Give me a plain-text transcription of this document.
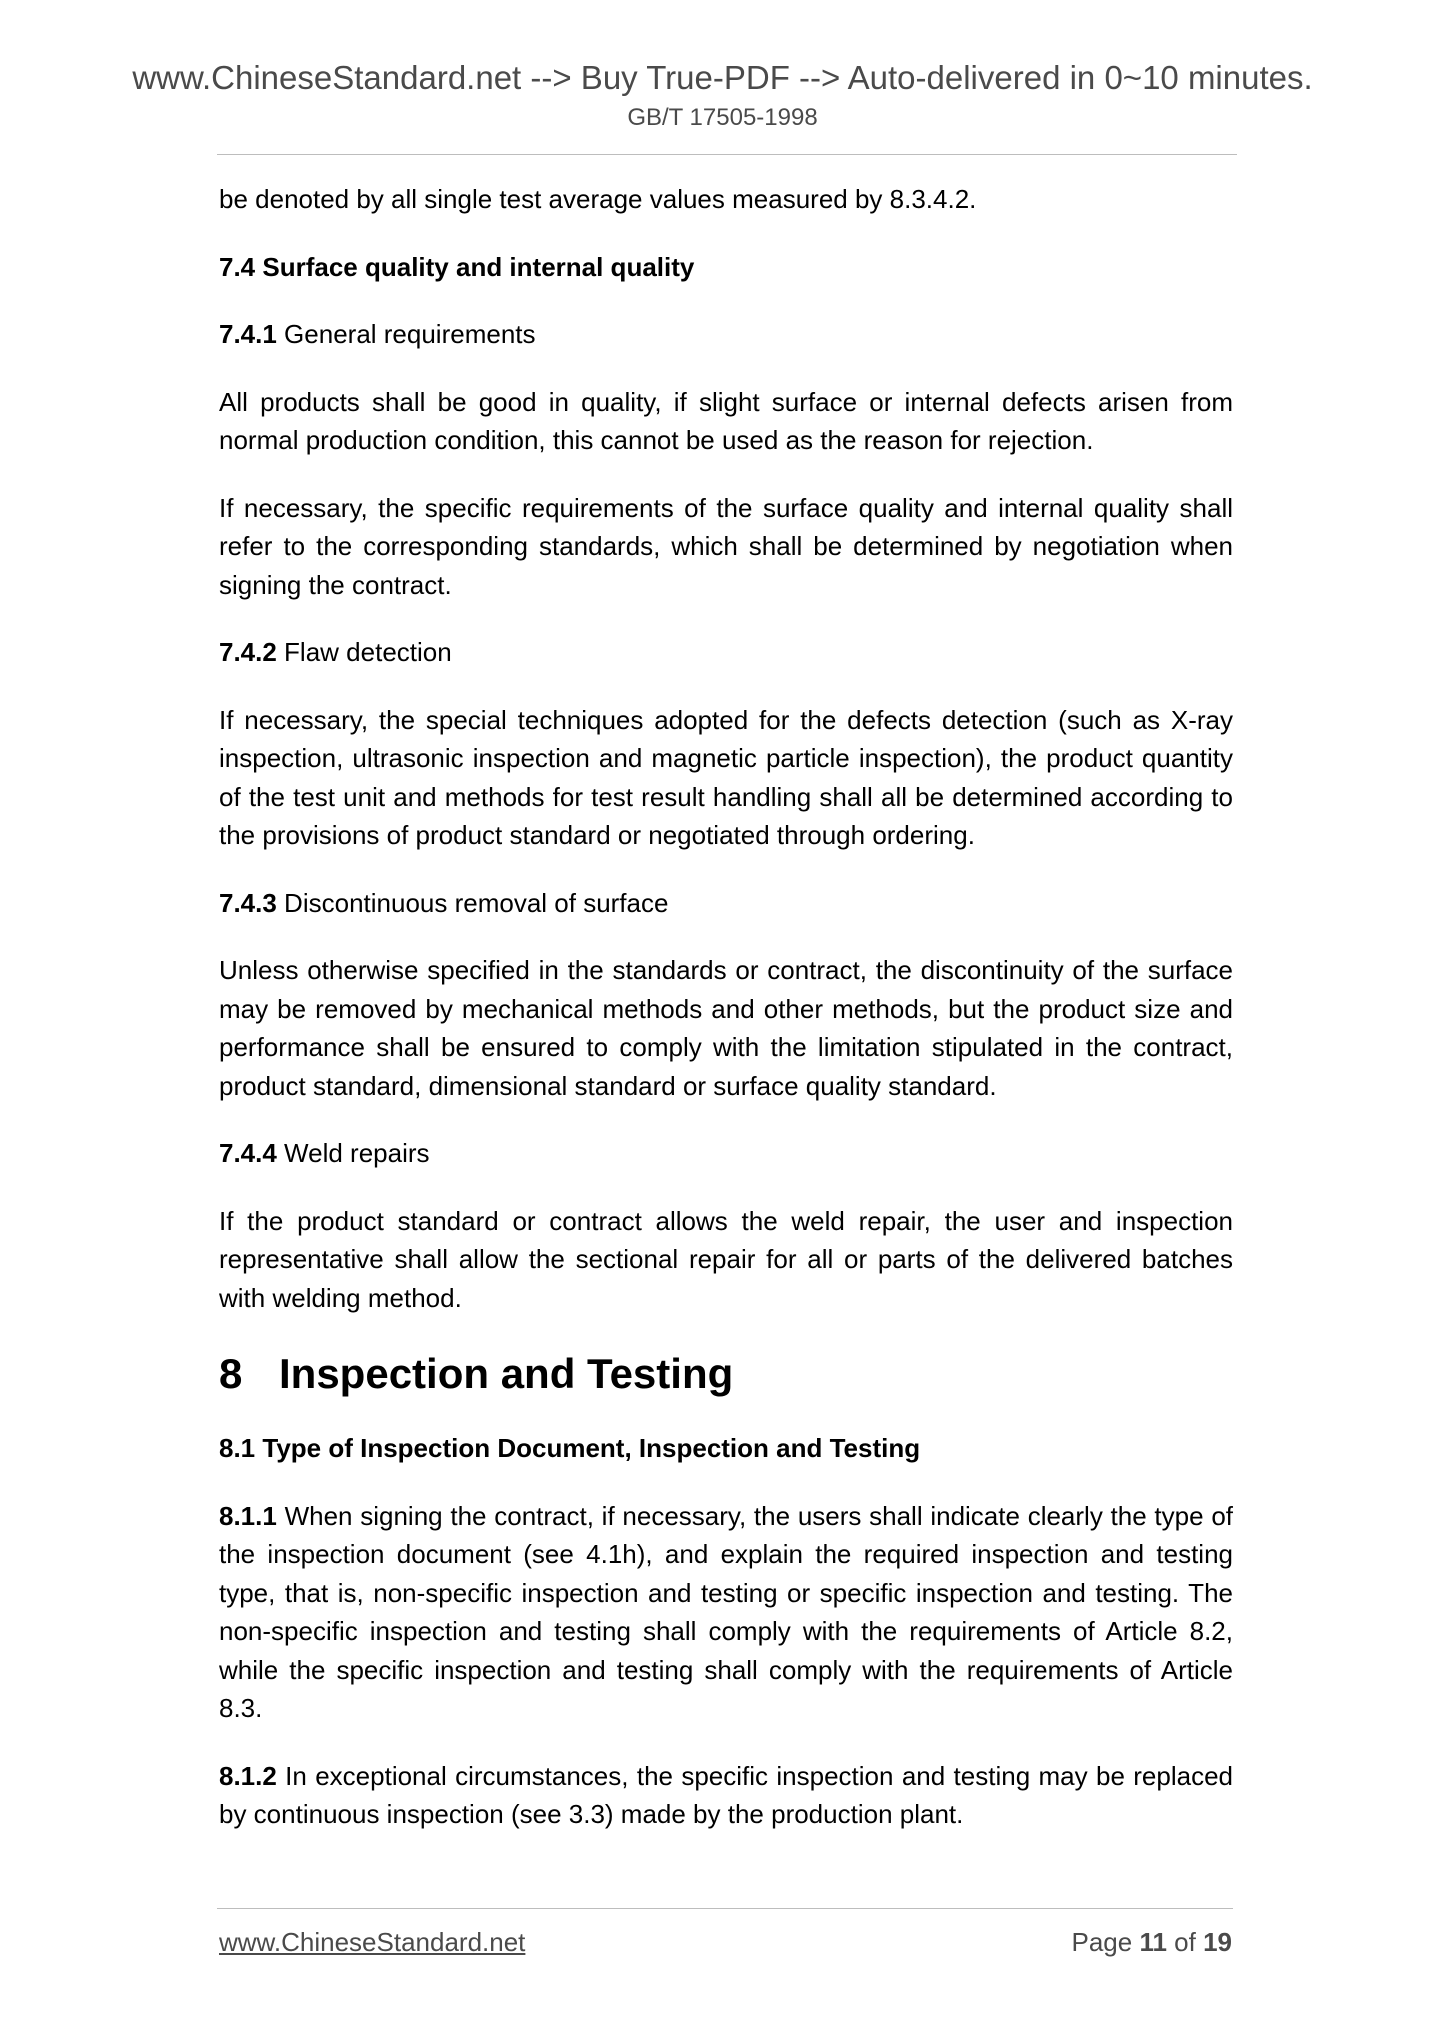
www.ChineseStandard.net --> Buy True-PDF --> Auto-delivered in 0~10 minutes.
GB/T 17505-1998

be denoted by all single test average values measured by 8.3.4.2.

7.4 Surface quality and internal quality

7.4.1 General requirements

All products shall be good in quality, if slight surface or internal defects arisen from normal production condition, this cannot be used as the reason for rejection.

If necessary, the specific requirements of the surface quality and internal quality shall refer to the corresponding standards, which shall be determined by negotiation when signing the contract.

7.4.2 Flaw detection

If necessary, the special techniques adopted for the defects detection (such as X-ray inspection, ultrasonic inspection and magnetic particle inspection), the product quantity of the test unit and methods for test result handling shall all be determined according to the provisions of product standard or negotiated through ordering.

7.4.3 Discontinuous removal of surface

Unless otherwise specified in the standards or contract, the discontinuity of the surface may be removed by mechanical methods and other methods, but the product size and performance shall be ensured to comply with the limitation stipulated in the contract, product standard, dimensional standard or surface quality standard.

7.4.4 Weld repairs

If the product standard or contract allows the weld repair, the user and inspection representative shall allow the sectional repair for all or parts of the delivered batches with welding method.

8 Inspection and Testing

8.1 Type of Inspection Document, Inspection and Testing

8.1.1 When signing the contract, if necessary, the users shall indicate clearly the type of the inspection document (see 4.1h), and explain the required inspection and testing type, that is, non-specific inspection and testing or specific inspection and testing. The non-specific inspection and testing shall comply with the requirements of Article 8.2, while the specific inspection and testing shall comply with the requirements of Article 8.3.

8.1.2 In exceptional circumstances, the specific inspection and testing may be replaced by continuous inspection (see 3.3) made by the production plant.

www.ChineseStandard.net	Page 11 of 19
